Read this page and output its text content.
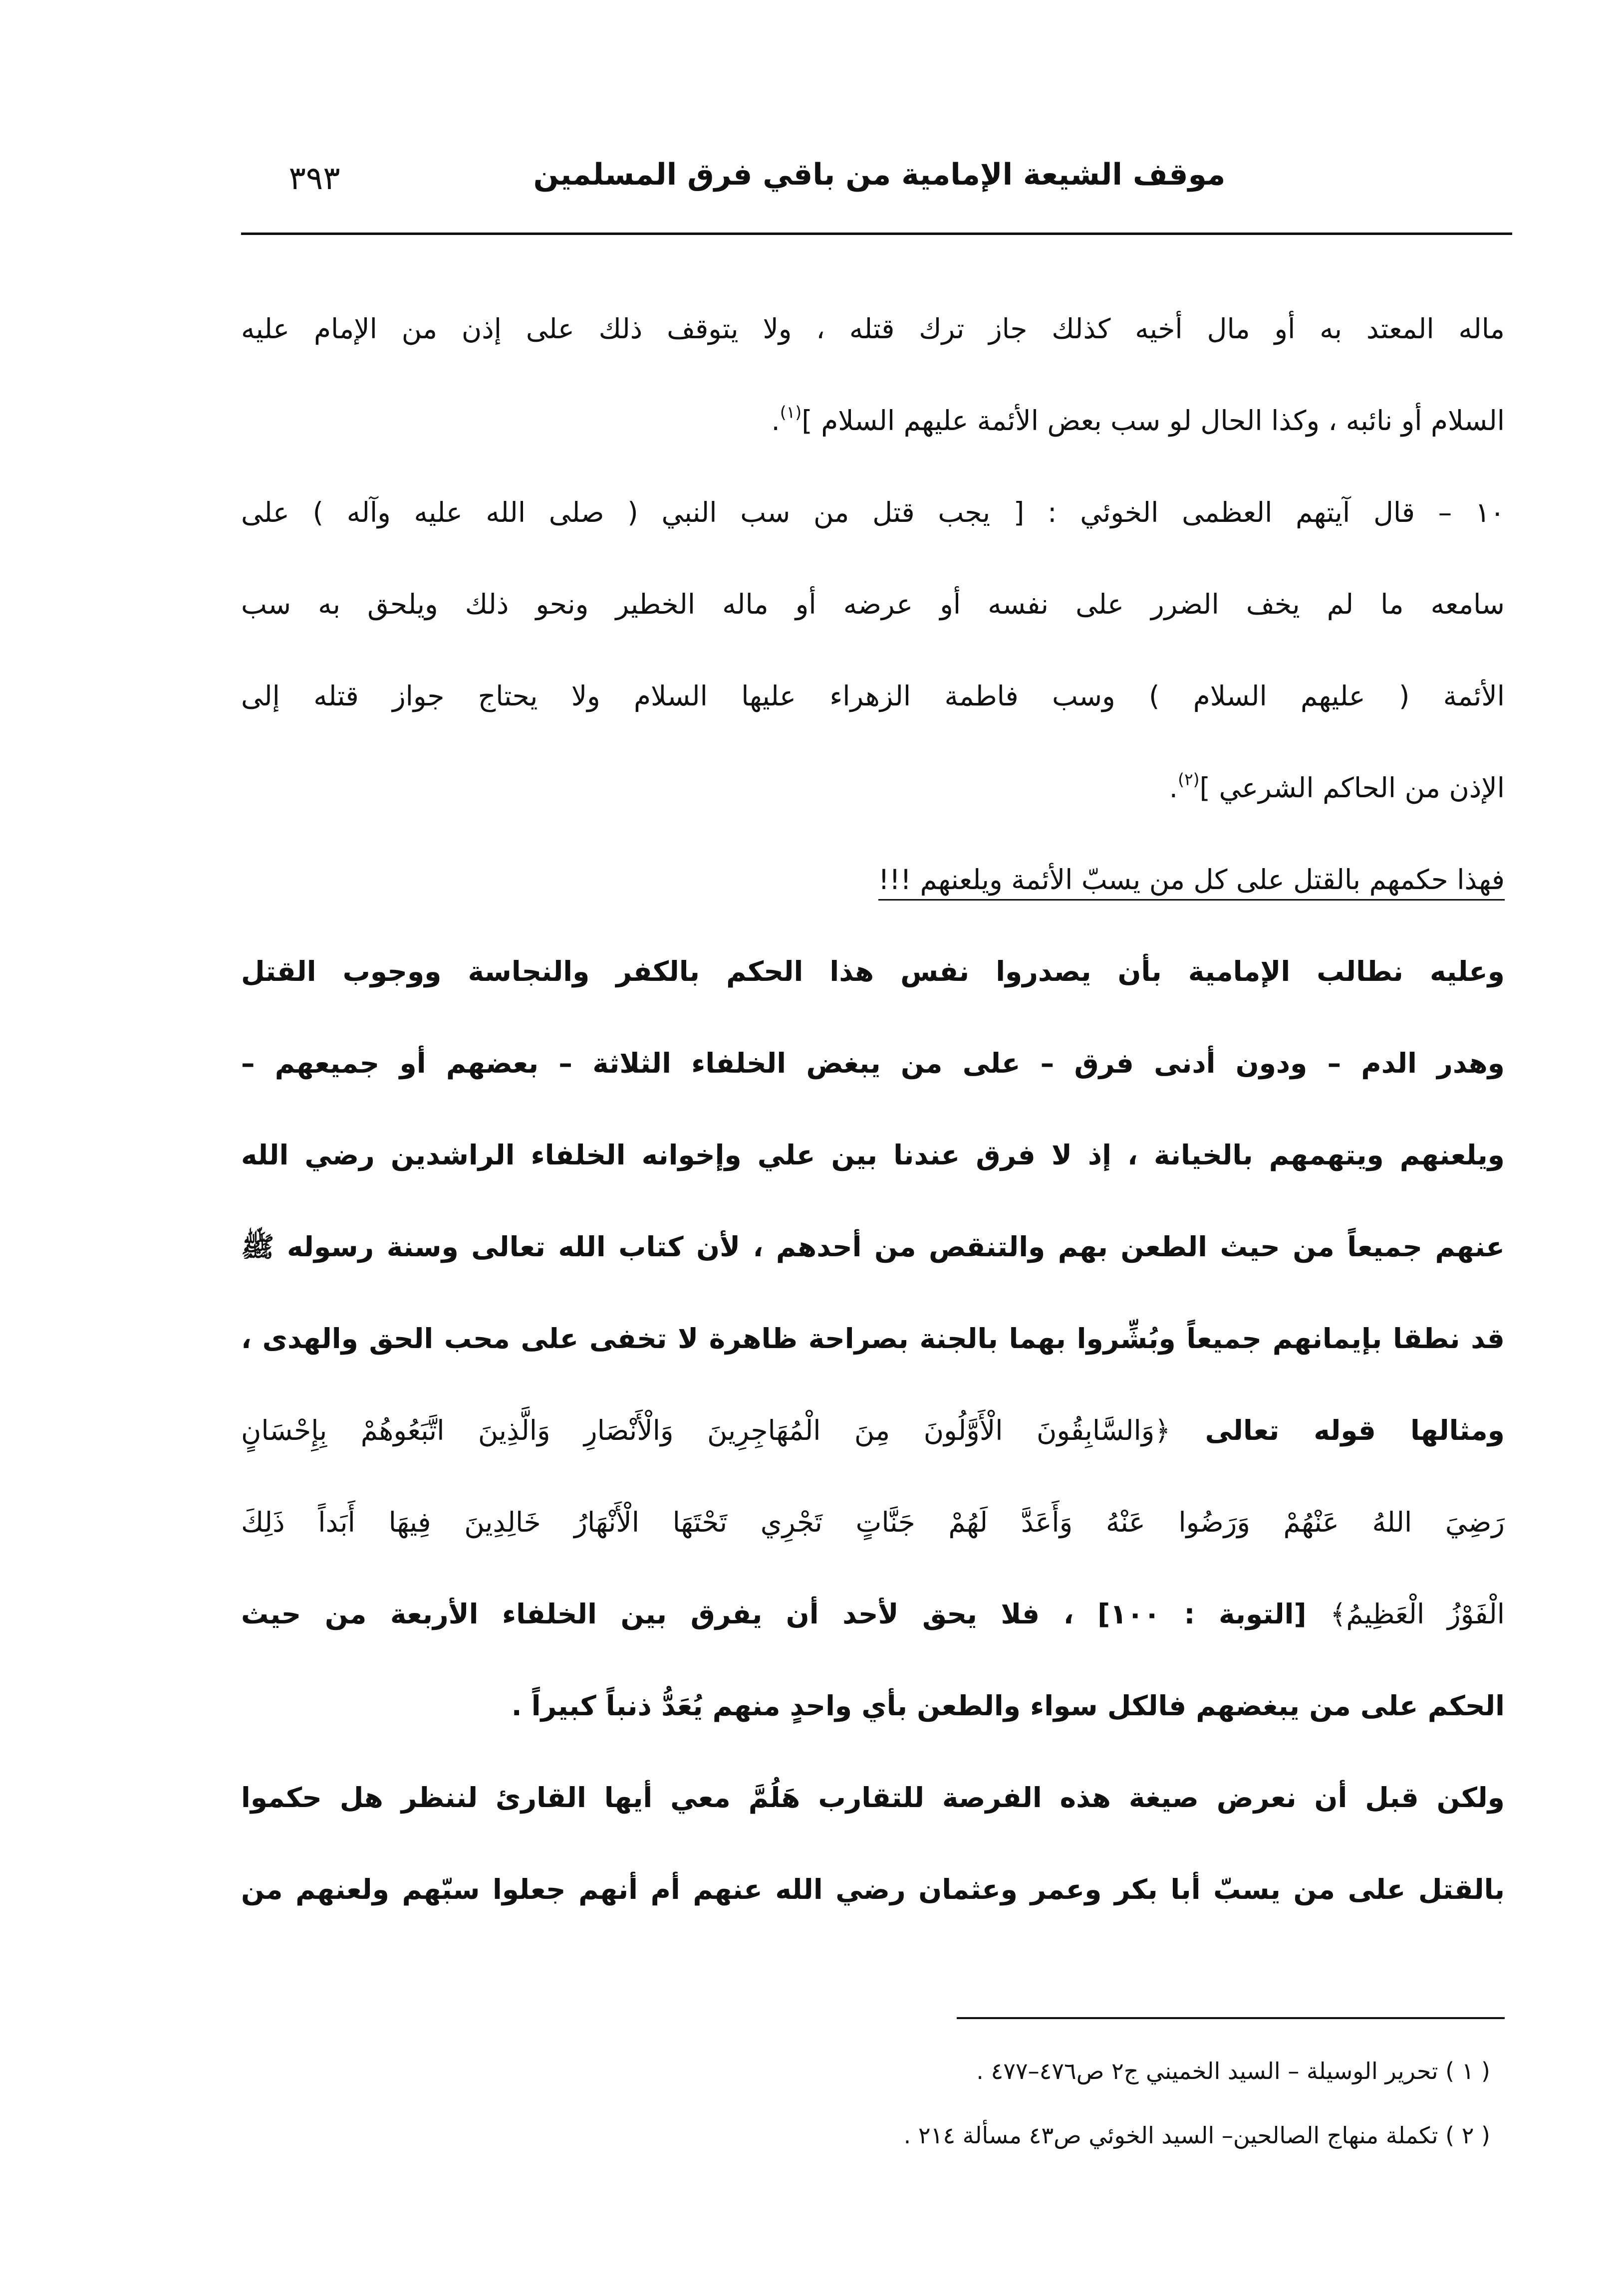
موقف الشيعة الإمامية من باقي فرق المسلمين
٣٩٣
ماله المعتد به أو مال أخيه كذلك جاز ترك قتله ، ولا يتوقف ذلك على إذن من الإمام عليه
السلام أو نائبه ، وكذا الحال لو سب بعض الأئمة عليهم السلام ]$^{(١)}$.
١٠ – قال آيتهم العظمى الخوئي : [ يجب قتل من سب النبي ( صلى الله عليه وآله ) على
سامعه ما لم يخف الضرر على نفسه أو عرضه أو ماله الخطير ونحو ذلك ويلحق به سب
الأئمة ( عليهم السلام ) وسب فاطمة الزهراء عليها السلام ولا يحتاج جواز قتله إلى
الإذن من الحاكم الشرعي ]$^{(٢)}$.
فهذا حكمهم بالقتل على كل من يسبّ الأئمة ويلعنهم !!!
وعليه نطالب الإمامية بأن يصدروا نفس هذا الحكم بالكفر والنجاسة ووجوب القتل
وهدر الدم – ودون أدنى فرق – على من يبغض الخلفاء الثلاثة – بعضهم أو جميعهم –
ويلعنهم ويتهمهم بالخيانة ، إذ لا فرق عندنا بين علي وإخوانه الخلفاء الراشدين رضي الله
عنهم جميعاً من حيث الطعن بهم والتنقص من أحدهم ، لأن كتاب الله تعالى وسنة رسوله ﷺ
قد نطقا بإيمانهم جميعاً وبُشِّروا بهما بالجنة بصراحة ظاهرة لا تخفى على محب الحق والهدى ،
ومثالها قوله تعالى ﴿وَالسَّابِقُونَ الْأَوَّلُونَ مِنَ الْمُهَاجِرِينَ وَالْأَنْصَارِ وَالَّذِينَ اتَّبَعُوهُمْ بِإِحْسَانٍ
رَضِيَ اللهُ عَنْهُمْ وَرَضُوا عَنْهُ وَأَعَدَّ لَهُمْ جَنَّاتٍ تَجْرِي تَحْتَهَا الْأَنْهَارُ خَالِدِينَ فِيهَا أَبَداً ذَلِكَ
الْفَوْزُ الْعَظِيمُ﴾ [التوبة : ١٠٠] ، فلا يحق لأحد أن يفرق بين الخلفاء الأربعة من حيث
الحكم على من يبغضهم فالكل سواء والطعن بأي واحدٍ منهم يُعَدُّ ذنباً كبيراً .
ولكن قبل أن نعرض صيغة هذه الفرصة للتقارب هَلُمَّ معي أيها القارئ لننظر هل حكموا
بالقتل على من يسبّ أبا بكر وعمر وعثمان رضي الله عنهم أم أنهم جعلوا سبّهم ولعنهم من
( ١ ) تحرير الوسيلة – السيد الخميني ج٢ ص٤٧٦–٤٧٧ .
( ٢ ) تكملة منهاج الصالحين– السيد الخوئي ص٤٣ مسألة ٢١٤ .
